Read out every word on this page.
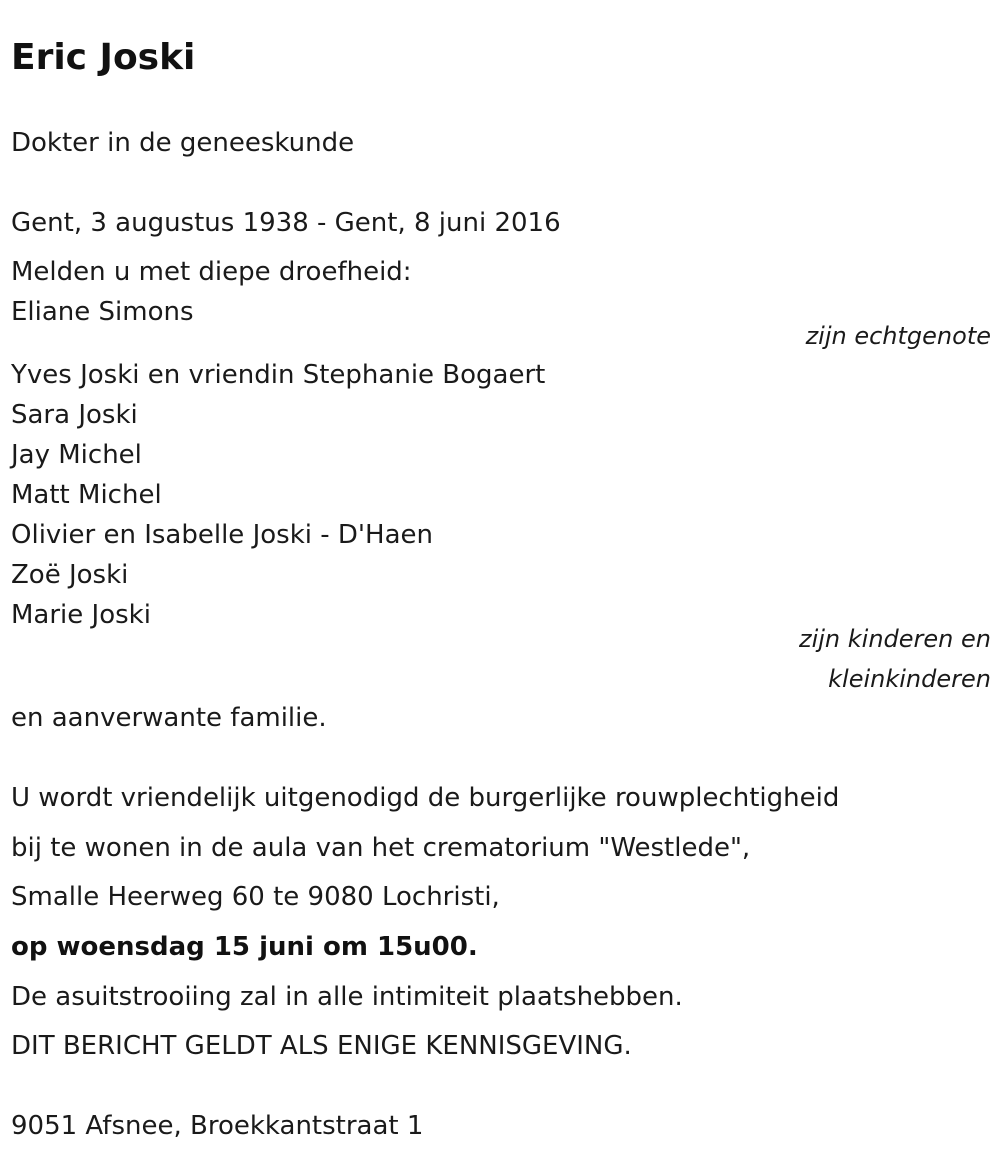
Eric Joski
Dokter in de geneeskunde
Gent, 3 augustus 1938 - Gent, 8 juni 2016
Melden u met diepe droefheid:
Eliane Simons
zijn echtgenote
Yves Joski en vriendin Stephanie Bogaert
Sara Joski
Jay Michel
Matt Michel
Olivier en Isabelle Joski - D'Haen
Zoë Joski
Marie Joski
zijn kinderen en
kleinkinderen
en aanverwante familie.
U wordt vriendelijk uitgenodigd de burgerlijke rouwplechtigheid
bij te wonen in de aula van het crematorium "Westlede",
Smalle Heerweg 60 te 9080 Lochristi,
op woensdag 15 juni om 15u00.
De asuitstrooiing zal in alle intimiteit plaatshebben.
DIT BERICHT GELDT ALS ENIGE KENNISGEVING.
9051 Afsnee, Broekkantstraat 1
